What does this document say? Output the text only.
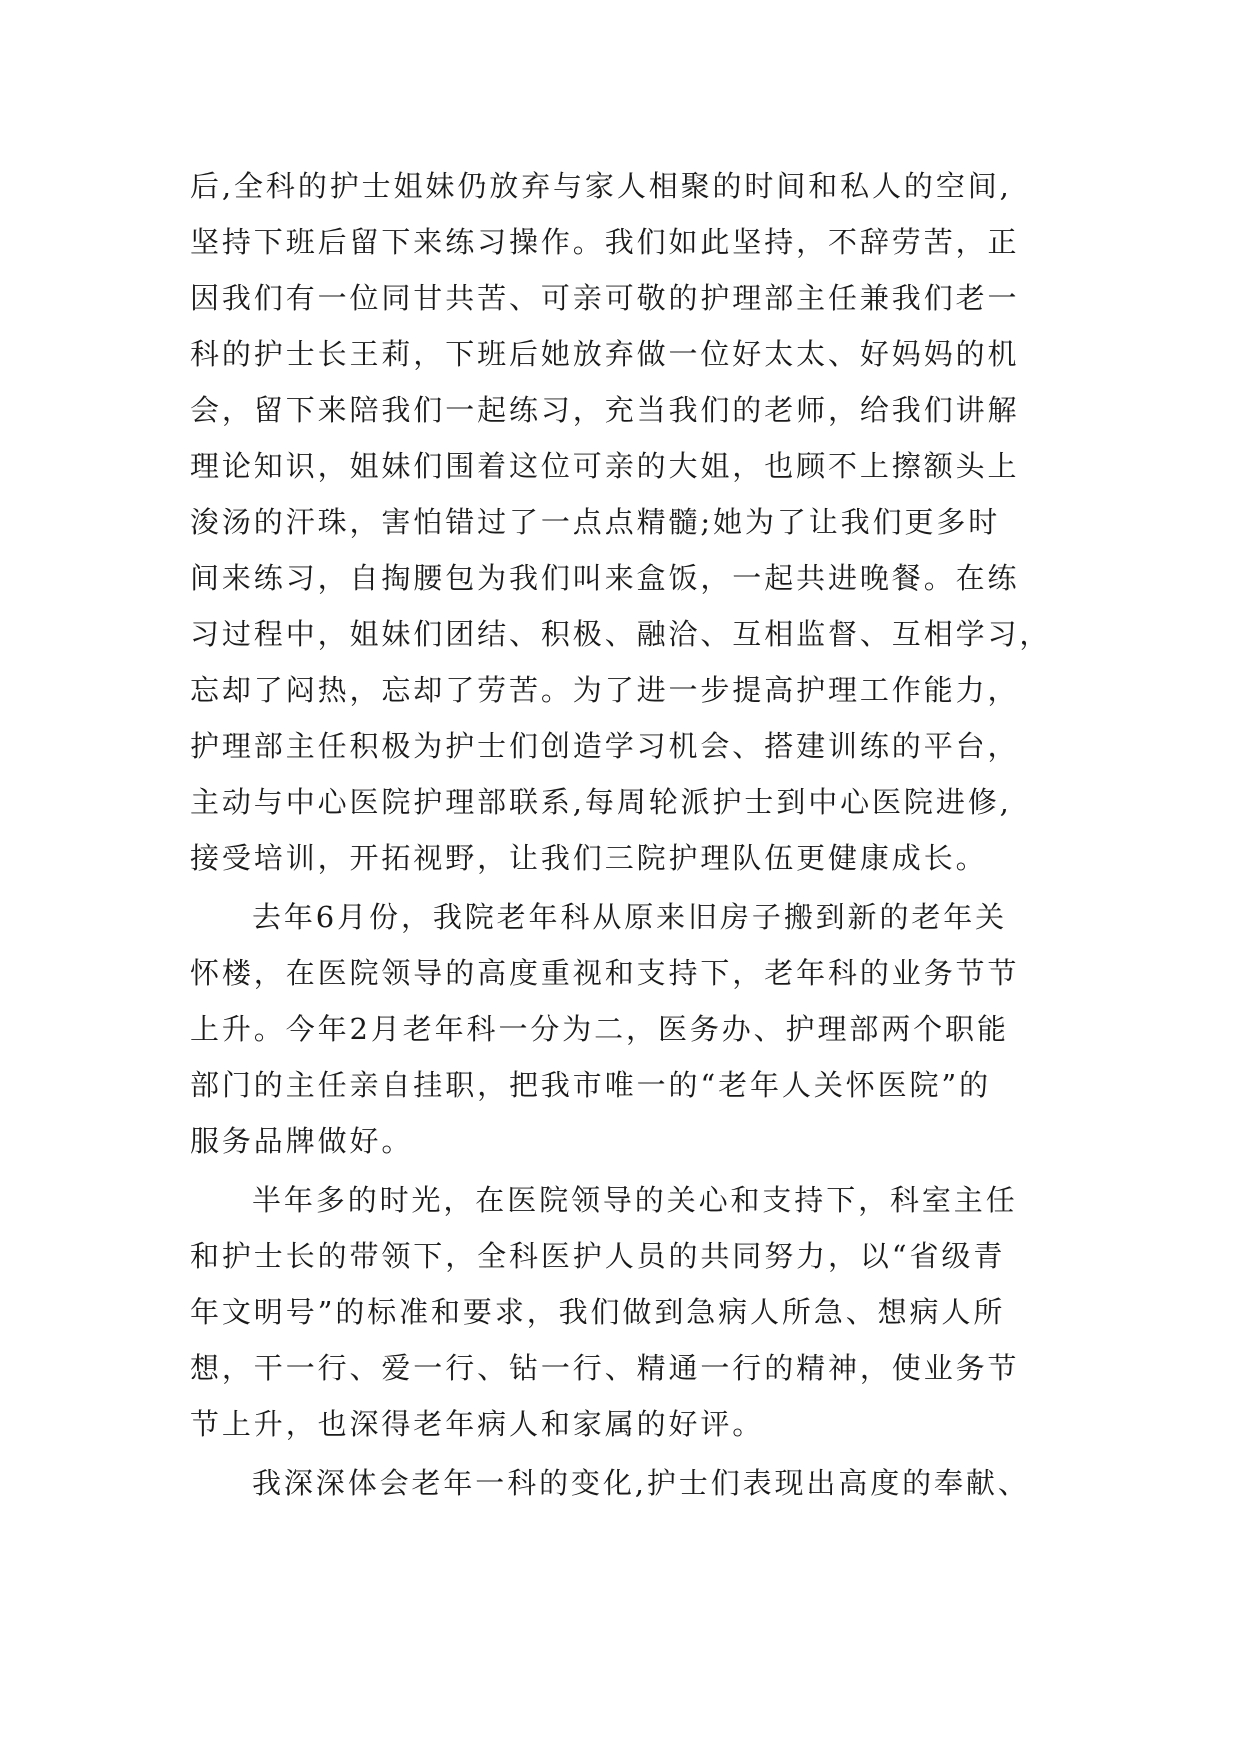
后,全科的护士姐妹仍放弃与家人相聚的时间和私人的空间,
坚持下班后留下来练习操作。我们如此坚持，不辞劳苦，正
因我们有一位同甘共苦、可亲可敬的护理部主任兼我们老一
科的护士长王莉，下班后她放弃做一位好太太、好妈妈的机
会，留下来陪我们一起练习，充当我们的老师，给我们讲解
理论知识，姐妹们围着这位可亲的大姐，也顾不上擦额头上
浚汤的汗珠，害怕错过了一点点精髓;她为了让我们更多时
间来练习，自掏腰包为我们叫来盒饭，一起共进晚餐。在练
习过程中，姐妹们团结、积极、融洽、互相监督、互相学习，
忘却了闷热，忘却了劳苦。为了进一步提高护理工作能力，
护理部主任积极为护士们创造学习机会、搭建训练的平台，
主动与中心医院护理部联系,每周轮派护士到中心医院进修,
接受培训，开拓视野，让我们三院护理队伍更健康成长。
去年6月份，我院老年科从原来旧房子搬到新的老年关
怀楼，在医院领导的高度重视和支持下，老年科的业务节节
上升。今年2月老年科一分为二，医务办、护理部两个职能
部门的主任亲自挂职，把我市唯一的“老年人关怀医院”的
服务品牌做好。
半年多的时光，在医院领导的关心和支持下，科室主任
和护士长的带领下，全科医护人员的共同努力，以“省级青
年文明号”的标准和要求，我们做到急病人所急、想病人所
想，干一行、爱一行、钻一行、精通一行的精神，使业务节
节上升，也深得老年病人和家属的好评。
我深深体会老年一科的变化,护士们表现出高度的奉献、
